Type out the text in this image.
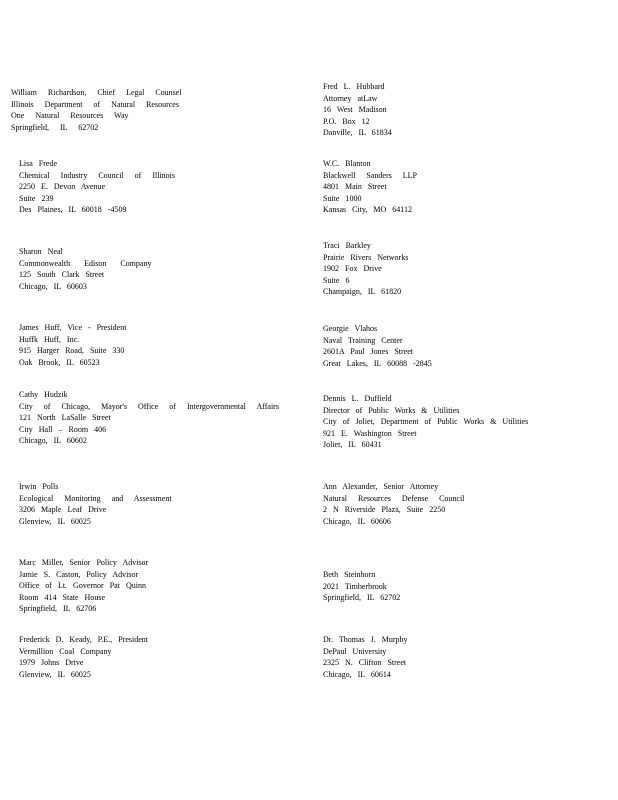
William Richardson, Chief Legal Counsel
Illinois Department of Natural Resources
One Natural Resources Way
Springfield, IL 62702
Lisa Frede
Chemical Industry Council of Illinois
2250 E. Devon Avenue
Suite 239
Des Plaines, IL 60018 -4509
Sharon Neal
Commonwealth Edison Company
125 South Clark Street
Chicago, IL 60603
James Huff, Vice - President
Huffk Huff, Inc.
915 Harger Road, Suite 330
Oak Brook, IL 60523
Cathy Hudzik
City of Chicago, Mayor's Office of Intergovernmental Affairs
121 North LaSalle Street
City Hall – Room 406
Chicago, IL 60602
Irwin Polls
Ecological Monitoring and Assessment
3206 Maple Leaf Drive
Glenview, IL 60025
Marc Miller, Senior Policy Advisor
Jamie S. Caston, Policy Advisor
Office of Lt. Governor Pat Quinn
Room 414 State House
Springfield, IL 62706
Frederick D. Keady, P.E., President
Vermillion Coal Company
1979 Johns Drive
Glenview, IL 60025
Fred L. Hubbard
Attorney atLaw
16 West Madison
P.O. Box 12
Danville, IL 61834
W.C. Blanton
Blackwell Sanders LLP
4801 Main Street
Suite 1000
Kansas City, MO 64112
Traci Barkley
Prairie Rivers Networks
1902 Fox Drive
Suite 6
Champaign, IL 61820
Georgie Vlahos
Naval Training Center
2601A Paul Jones Street
Great Lakes, IL 60088 -2845
Dennis L. Duffield
Director of Public Works & Utilities
City of Joliet, Department of Public Works & Utilities
921 E. Washington Street
Joliet, IL 60431
Ann Alexander, Senior Attorney
Natural Resources Defense Council
2 N Riverside Plaza, Suite 2250
Chicago, IL 60606
Beth Steinhorn
2021 Timberbrook
Springfield, IL 62702
Dr. Thomas J. Murphy
DePaul University
2325 N. Clifton Street
Chicago, IL 60614
